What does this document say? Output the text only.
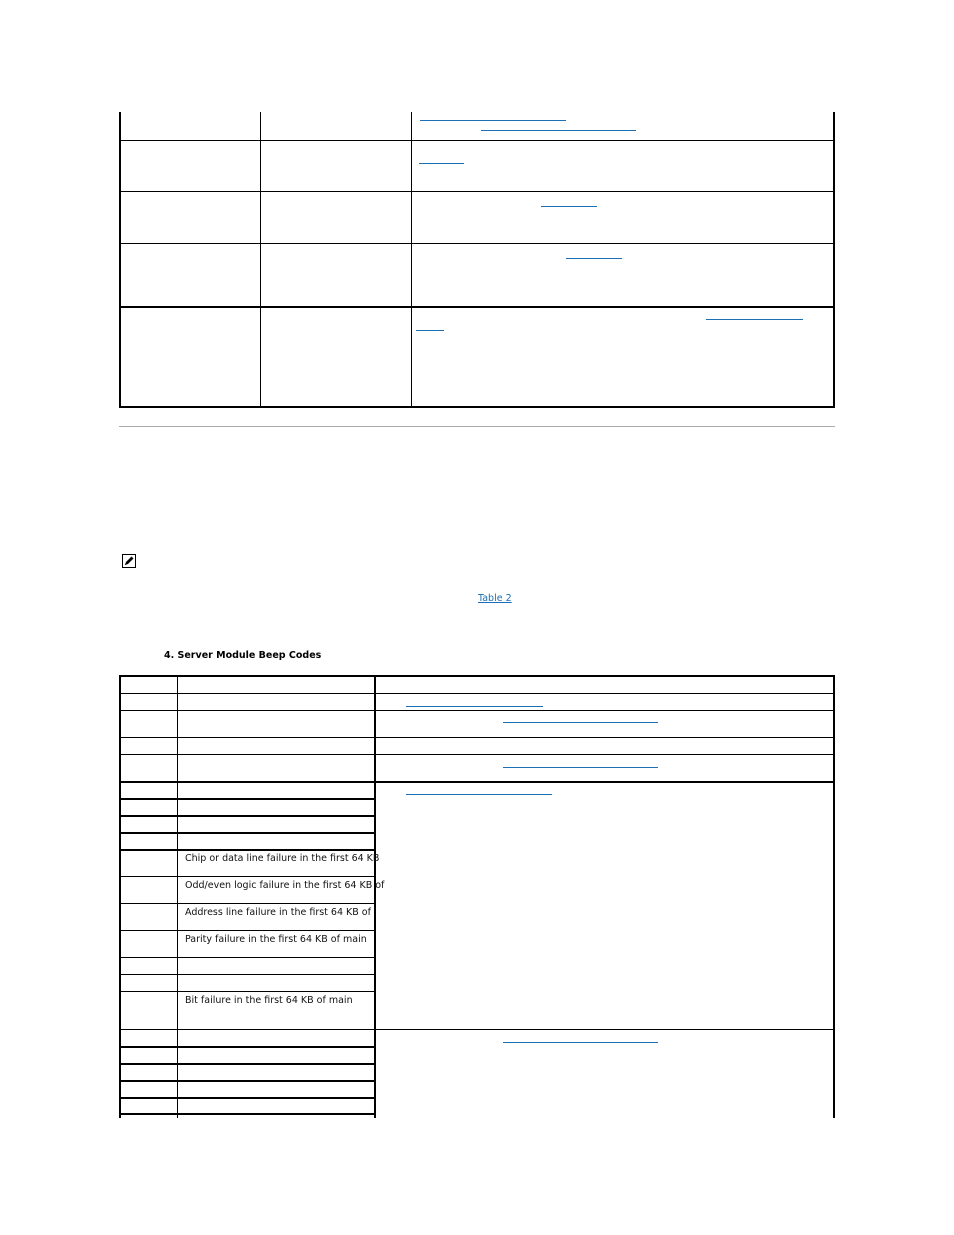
Table 2
4. Server Module Beep Codes
Chip or data line failure in the first 64 KB
Odd/even logic failure in the first 64 KB of
Address line failure in the first 64 KB of
Parity failure in the first 64 KB of main
Bit failure in the first 64 KB of main
